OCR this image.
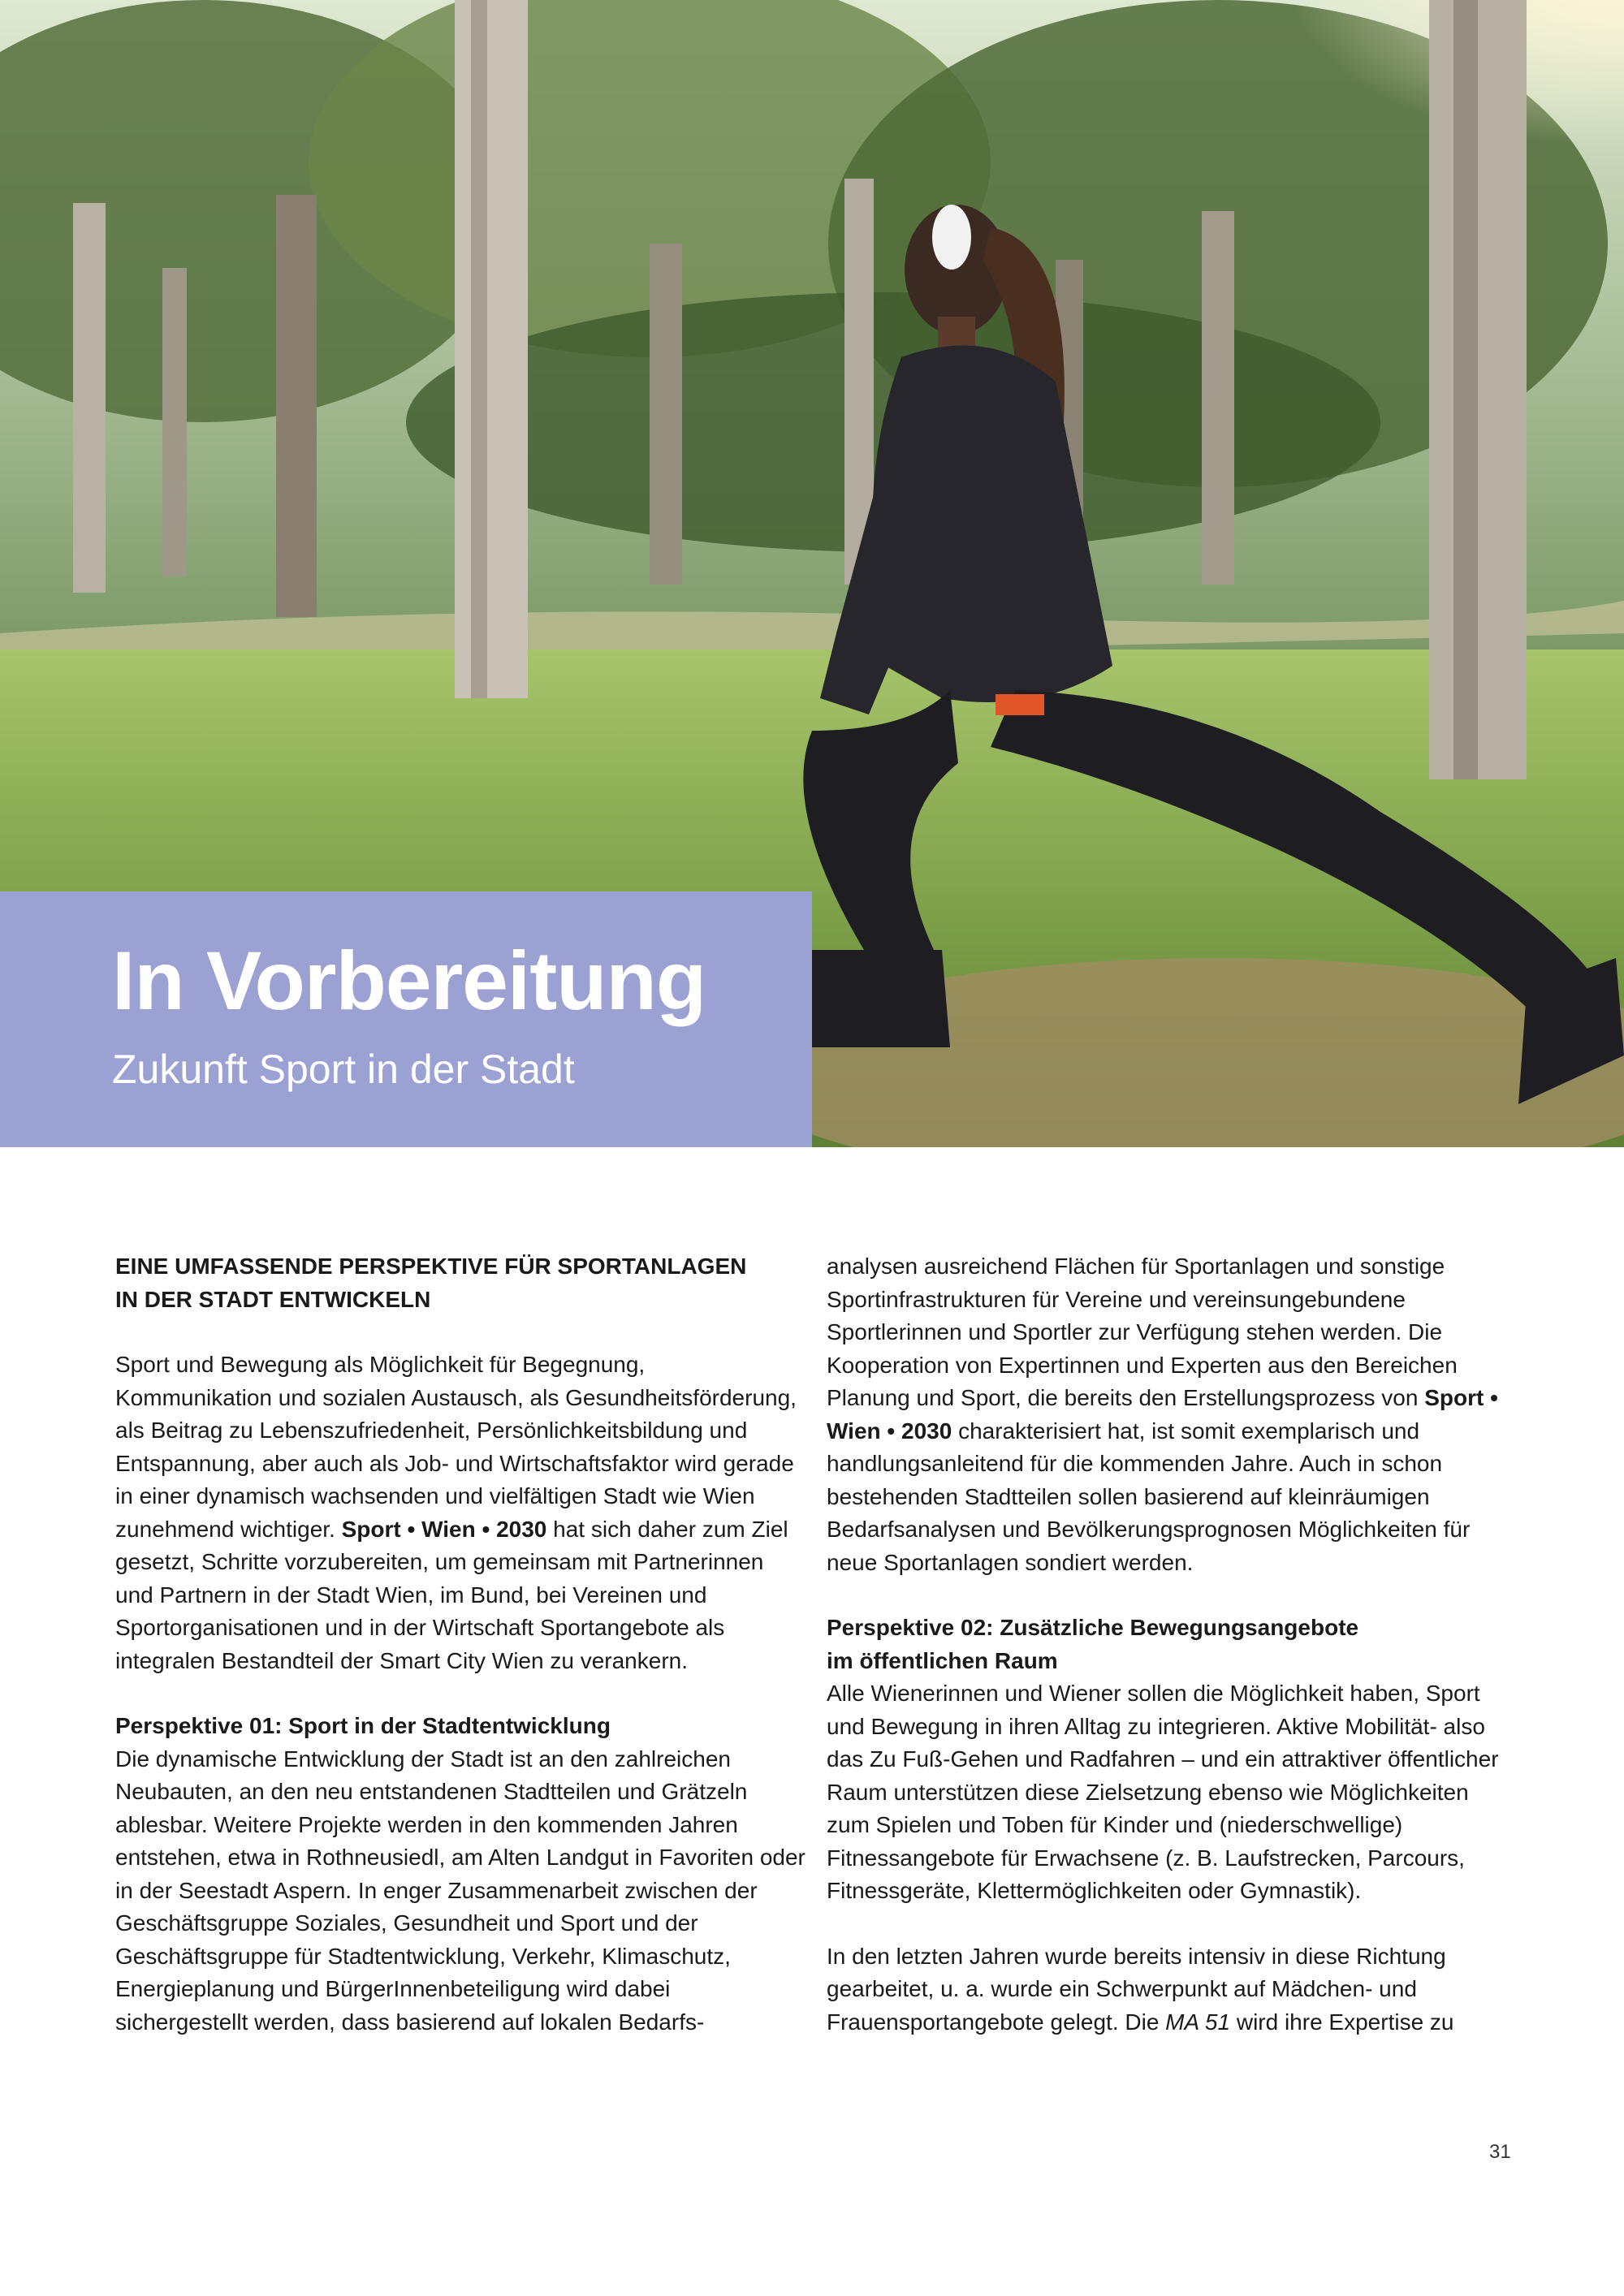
In Vorbereitung
Zukunft Sport in der Stadt
EINE UMFASSENDE PERSPEKTIVE FÜR SPORTANLAGEN
IN DER STADT ENTWICKELN

Sport und Bewegung als Möglichkeit für Begegnung, Kommunikation und sozialen Austausch, als Gesundheitsförderung, als Beitrag zu Lebenszufriedenheit, Persönlichkeitsbildung und Entspannung, aber auch als Job- und Wirtschaftsfaktor wird gerade in einer dynamisch wachsenden und vielfältigen Stadt wie Wien zunehmend wichtiger. Sport • Wien • 2030 hat sich daher zum Ziel gesetzt, Schritte vorzubereiten, um gemeinsam mit Partnerinnen und Partnern in der Stadt Wien, im Bund, bei Vereinen und Sportorganisationen und in der Wirtschaft Sportangebote als integralen Bestandteil der Smart City Wien zu verankern.

Perspektive 01: Sport in der Stadtentwicklung

Die dynamische Entwicklung der Stadt ist an den zahlreichen Neubauten, an den neu entstandenen Stadtteilen und Grätzeln ablesbar. Weitere Projekte werden in den kommenden Jahren entstehen, etwa in Rothneusiedl, am Alten Landgut in Favoriten oder in der Seestadt Aspern. In enger Zusammenarbeit zwischen der Geschäftsgruppe Soziales, Gesundheit und Sport und der Geschäftsgruppe für Stadtentwicklung, Verkehr, Klimaschutz, Energieplanung und BürgerInnenbeteiligung wird dabei sichergestellt werden, dass basierend auf lokalen Bedarfs-

analysen ausreichend Flächen für Sportanlagen und sonstige Sportinfrastrukturen für Vereine und vereinsungebundene Sportlerinnen und Sportler zur Verfügung stehen werden. Die Kooperation von Expertinnen und Experten aus den Bereichen Planung und Sport, die bereits den Erstellungsprozess von Sport • Wien • 2030 charakterisiert hat, ist somit exemplarisch und handlungsanleitend für die kommenden Jahre. Auch in schon bestehenden Stadtteilen sollen basierend auf kleinräumigen Bedarfsanalysen und Bevölkerungsprognosen Möglichkeiten für neue Sportanlagen sondiert werden.

Perspektive 02: Zusätzliche Bewegungsangebote
im öffentlichen Raum

Alle Wienerinnen und Wiener sollen die Möglichkeit haben, Sport und Bewegung in ihren Alltag zu integrieren. Aktive Mobilität- also das Zu Fuß-Gehen und Radfahren – und ein attraktiver öffentlicher Raum unterstützen diese Zielsetzung ebenso wie Möglichkeiten zum Spielen und Toben für Kinder und (niederschwellige) Fitnessangebote für Erwachsene (z. B. Laufstrecken, Parcours, Fitnessgeräte, Klettermöglichkeiten oder Gymnastik).

In den letzten Jahren wurde bereits intensiv in diese Richtung gearbeitet, u. a. wurde ein Schwerpunkt auf Mädchen- und Frauensportangebote gelegt. Die MA 51 wird ihre Expertise zu

31
